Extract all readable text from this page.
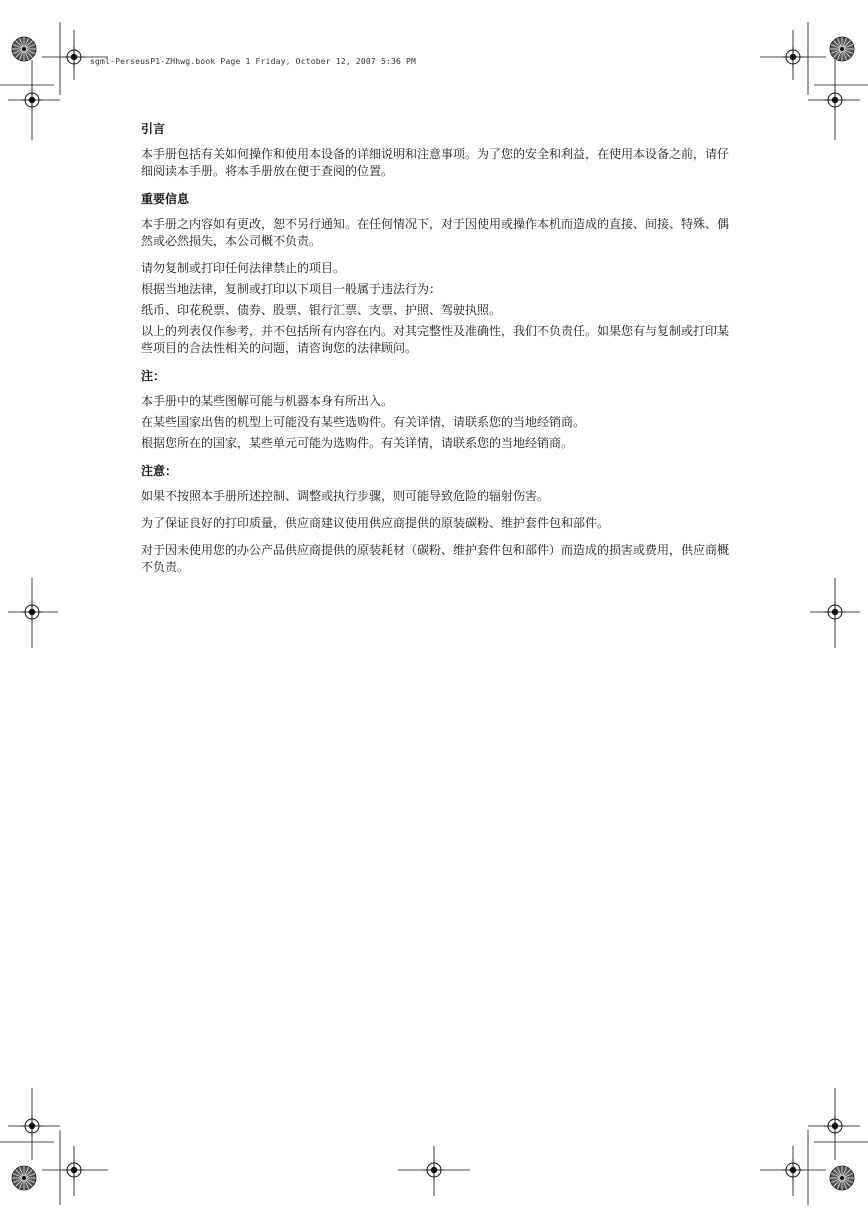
sgml-PerseusP1-ZHhwg.book Page 1 Friday, October 12, 2007 5:36 PM
引言

本手册包括有关如何操作和使用本设备的详细说明和注意事项。为了您的安全和利益，在使用本设备之前，请仔细阅读本手册。将本手册放在便于查阅的位置。

重要信息

本手册之内容如有更改，恕不另行通知。在任何情况下，对于因使用或操作本机而造成的直接、间接、特殊、偶然或必然损失，本公司概不负责。

请勿复制或打印任何法律禁止的项目。

根据当地法律，复制或打印以下项目一般属于违法行为：

纸币、印花税票、债券、股票、银行汇票、支票、护照、驾驶执照。

以上的列表仅作参考，并不包括所有内容在内。对其完整性及准确性，我们不负责任。如果您有与复制或打印某些项目的合法性相关的问题，请咨询您的法律顾问。

注：

本手册中的某些图解可能与机器本身有所出入。

在某些国家出售的机型上可能没有某些选购件。有关详情，请联系您的当地经销商。

根据您所在的国家，某些单元可能为选购件。有关详情，请联系您的当地经销商。

注意：

如果不按照本手册所述控制、调整或执行步骤，则可能导致危险的辐射伤害。

为了保证良好的打印质量，供应商建议使用供应商提供的原装碳粉、维护套件包和部件。

对于因未使用您的办公产品供应商提供的原装耗材（碳粉、维护套件包和部件）而造成的损害或费用，供应商概不负责。
